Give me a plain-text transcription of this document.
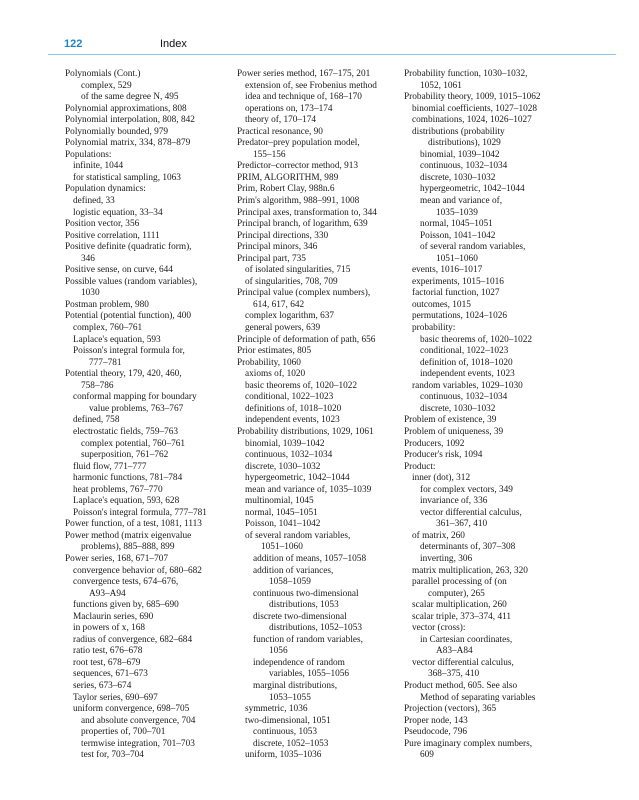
122	Index
Polynomials (Cont.)
complex, 529
of the same degree N, 495
Polynomial approximations, 808
Polynomial interpolation, 808, 842
Polynomially bounded, 979
Polynomial matrix, 334, 878–879
Populations:
infinite, 1044
for statistical sampling, 1063
Population dynamics:
defined, 33
logistic equation, 33–34
Position vector, 356
Positive correlation, 1111
Positive definite (quadratic form),
346
Positive sense, on curve, 644
Possible values (random variables),
1030
Postman problem, 980
Potential (potential function), 400
complex, 760–761
Laplace's equation, 593
Poisson's integral formula for,
777–781
Potential theory, 179, 420, 460,
758–786
conformal mapping for boundary
value problems, 763–767
defined, 758
electrostatic fields, 759–763
complex potential, 760–761
superposition, 761–762
fluid flow, 771–777
harmonic functions, 781–784
heat problems, 767–770
Laplace's equation, 593, 628
Poisson's integral formula, 777–781
Power function, of a test, 1081, 1113
Power method (matrix eigenvalue
problems), 885–888, 899
Power series, 168, 671–707
convergence behavior of, 680–682
convergence tests, 674–676,
A93–A94
functions given by, 685–690
Maclaurin series, 690
in powers of x, 168
radius of convergence, 682–684
ratio test, 676–678
root test, 678–679
sequences, 671–673
series, 673–674
Taylor series, 690–697
uniform convergence, 698–705
and absolute convergence, 704
properties of, 700–701
termwise integration, 701–703
test for, 703–704
Power series method, 167–175, 201
extension of, see Frobenius method
idea and technique of, 168–170
operations on, 173–174
theory of, 170–174
Practical resonance, 90
Predator–prey population model,
155–156
Predictor–corrector method, 913
PRIM, ALGORITHM, 989
Prim, Robert Clay, 988n.6
Prim's algorithm, 988–991, 1008
Principal axes, transformation to, 344
Principal branch, of logarithm, 639
Principal directions, 330
Principal minors, 346
Principal part, 735
of isolated singularities, 715
of singularities, 708, 709
Principal value (complex numbers),
614, 617, 642
complex logarithm, 637
general powers, 639
Principle of deformation of path, 656
Prior estimates, 805
Probability, 1060
axioms of, 1020
basic theorems of, 1020–1022
conditional, 1022–1023
definitions of, 1018–1020
independent events, 1023
Probability distributions, 1029, 1061
binomial, 1039–1042
continuous, 1032–1034
discrete, 1030–1032
hypergeometric, 1042–1044
mean and variance of, 1035–1039
multinomial, 1045
normal, 1045–1051
Poisson, 1041–1042
of several random variables,
1051–1060
addition of means, 1057–1058
addition of variances,
1058–1059
continuous two-dimensional
distributions, 1053
discrete two-dimensional
distributions, 1052–1053
function of random variables,
1056
independence of random
variables, 1055–1056
marginal distributions,
1053–1055
symmetric, 1036
two-dimensional, 1051
continuous, 1053
discrete, 1052–1053
uniform, 1035–1036
Probability function, 1030–1032,
1052, 1061
Probability theory, 1009, 1015–1062
binomial coefficients, 1027–1028
combinations, 1024, 1026–1027
distributions (probability
distributions), 1029
binomial, 1039–1042
continuous, 1032–1034
discrete, 1030–1032
hypergeometric, 1042–1044
mean and variance of,
1035–1039
normal, 1045–1051
Poisson, 1041–1042
of several random variables,
1051–1060
events, 1016–1017
experiments, 1015–1016
factorial function, 1027
outcomes, 1015
permutations, 1024–1026
probability:
basic theorems of, 1020–1022
conditional, 1022–1023
definition of, 1018–1020
independent events, 1023
random variables, 1029–1030
continuous, 1032–1034
discrete, 1030–1032
Problem of existence, 39
Problem of uniqueness, 39
Producers, 1092
Producer's risk, 1094
Product:
inner (dot), 312
for complex vectors, 349
invariance of, 336
vector differential calculus,
361–367, 410
of matrix, 260
determinants of, 307–308
inverting, 306
matrix multiplication, 263, 320
parallel processing of (on
computer), 265
scalar multiplication, 260
scalar triple, 373–374, 411
vector (cross):
in Cartesian coordinates,
A83–A84
vector differential calculus,
368–375, 410
Product method, 605. See also
Method of separating variables
Projection (vectors), 365
Proper node, 143
Pseudocode, 796
Pure imaginary complex numbers,
609
